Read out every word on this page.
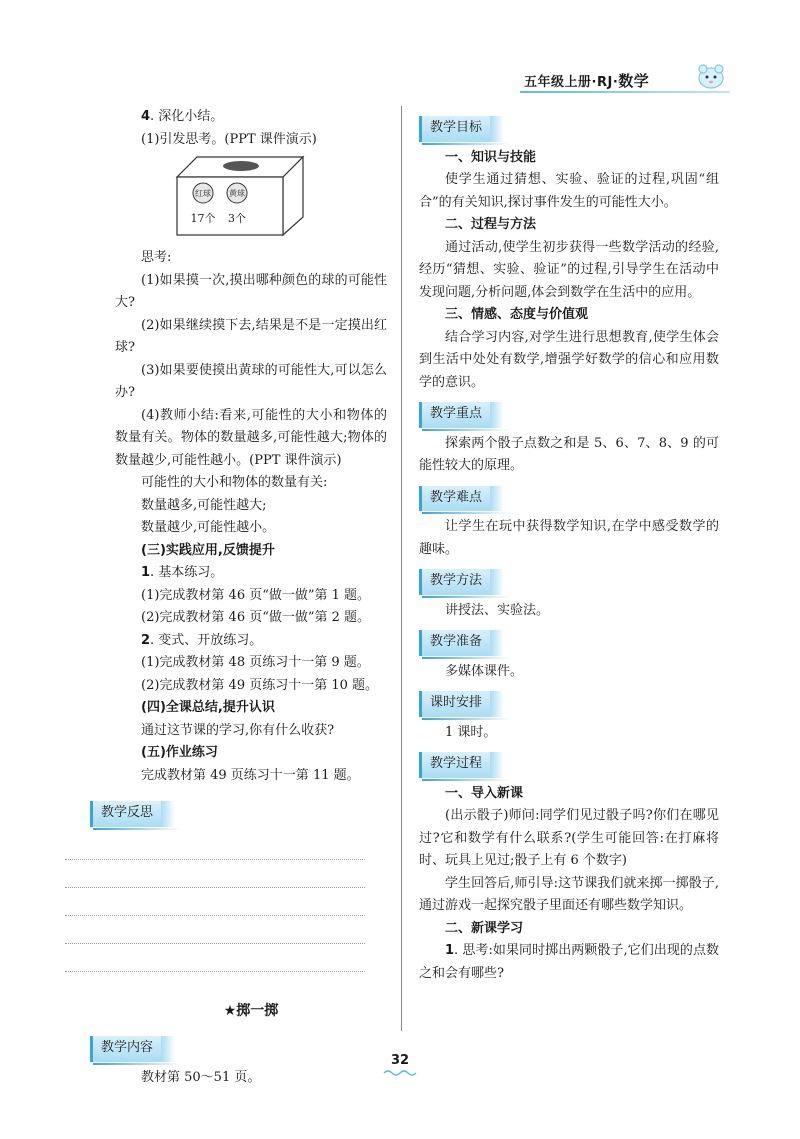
五年级上册·RJ·数学

4. 深化小结。

(1)引发思考。(PPT 课件演示)

红球 黄球
17个 3个

思考:

(1)如果摸一次,摸出哪种颜色的球的可能性大?

(2)如果继续摸下去,结果是不是一定摸出红球?

(3)如果要使摸出黄球的可能性大,可以怎么办?

(4)教师小结:看来,可能性的大小和物体的数量有关。物体的数量越多,可能性越大;物体的数量越少,可能性越小。(PPT 课件演示)

可能性的大小和物体的数量有关:

数量越多,可能性越大;

数量越少,可能性越小。

(三)实践应用,反馈提升

1. 基本练习。

(1)完成教材第 46 页“做一做”第 1 题。

(2)完成教材第 46 页“做一做”第 2 题。

2. 变式、开放练习。

(1)完成教材第 48 页练习十一第 9 题。

(2)完成教材第 49 页练习十一第 10 题。

(四)全课总结,提升认识

通过这节课的学习,你有什么收获?

(五)作业练习

完成教材第 49 页练习十一第 11 题。

教学反思
★掷一掷
教学内容

教材第 50～51 页。

教学目标

一、知识与技能

使学生通过猜想、实验、验证的过程,巩固“组合”的有关知识,探讨事件发生的可能性大小。

二、过程与方法

通过活动,使学生初步获得一些数学活动的经验,经历“猜想、实验、验证”的过程,引导学生在活动中发现问题,分析问题,体会到数学在生活中的应用。

三、情感、态度与价值观

结合学习内容,对学生进行思想教育,使学生体会到生活中处处有数学,增强学好数学的信心和应用数学的意识。

教学重点

探索两个骰子点数之和是 5、6、7、8、9 的可能性较大的原理。

教学难点

让学生在玩中获得数学知识,在学中感受数学的趣味。

教学方法

讲授法、实验法。

教学准备

多媒体课件。

课时安排

1 课时。

教学过程

一、导入新课

(出示骰子)师问:同学们见过骰子吗?你们在哪见过?它和数学有什么联系?(学生可能回答:在打麻将时、玩具上见过;骰子上有 6 个数字)

学生回答后,师引导:这节课我们就来掷一掷骰子,通过游戏一起探究骰子里面还有哪些数学知识。

二、新课学习

1. 思考:如果同时掷出两颗骰子,它们出现的点数之和会有哪些?

32
